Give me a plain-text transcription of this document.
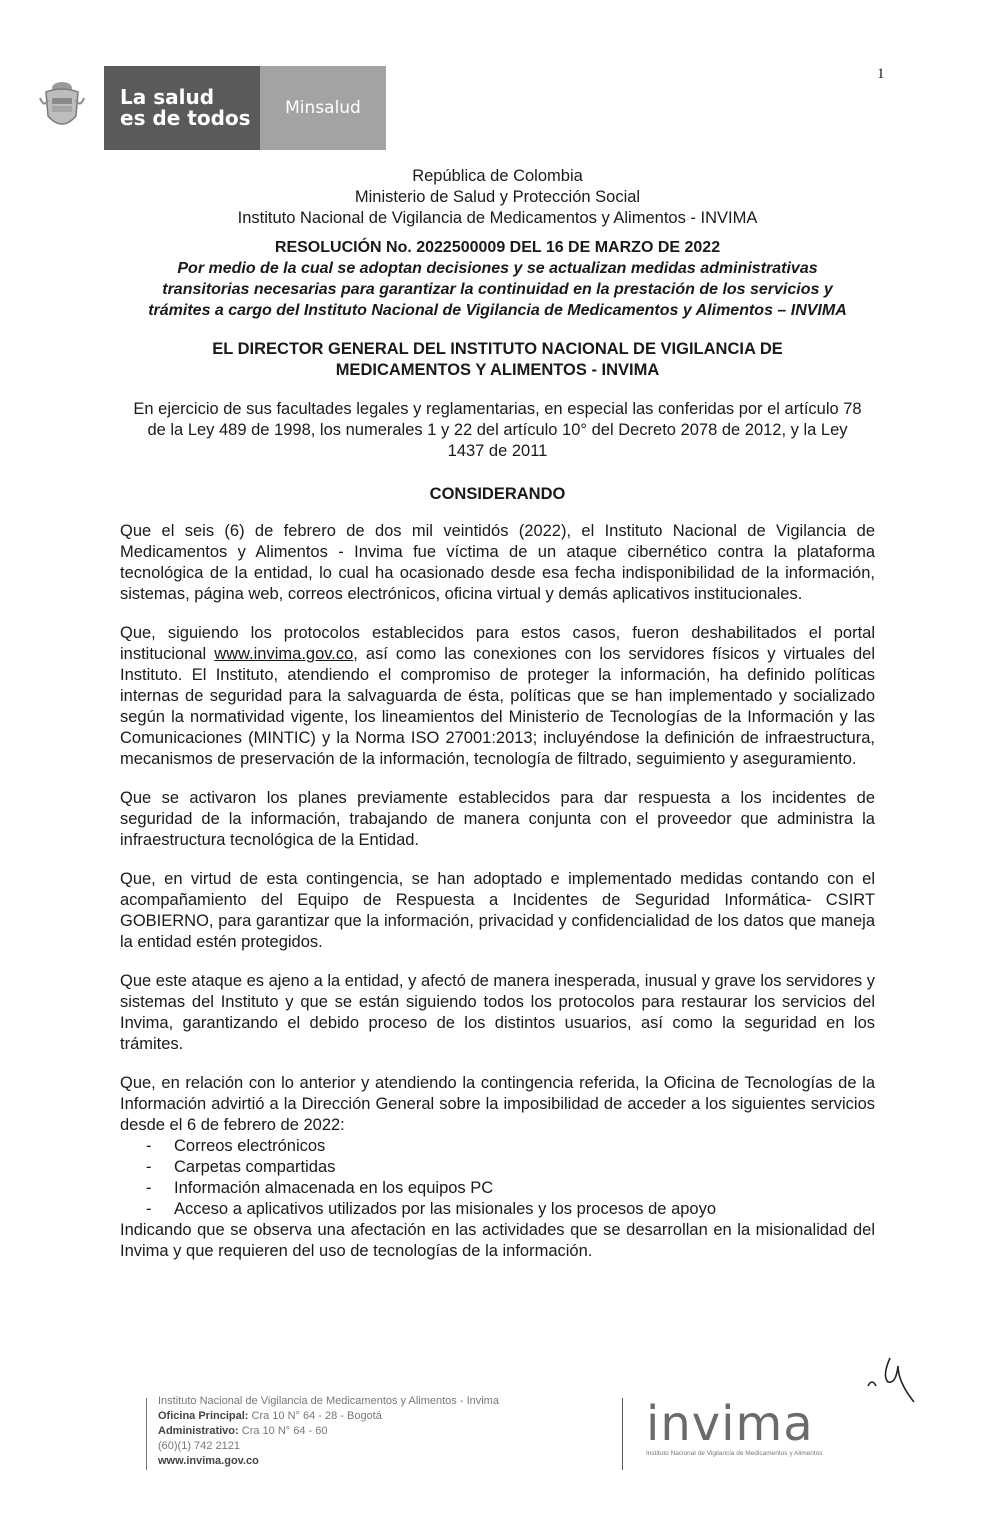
1
La salud
es de todos	Minsalud
República de Colombia
Ministerio de Salud y Protección Social
Instituto Nacional de Vigilancia de Medicamentos y Alimentos - INVIMA
RESOLUCIÓN No. 2022500009 DEL 16 DE MARZO DE 2022
Por medio de la cual se adoptan decisiones y se actualizan medidas administrativas transitorias necesarias para garantizar la continuidad en la prestación de los servicios y trámites a cargo del Instituto Nacional de Vigilancia de Medicamentos y Alimentos – INVIMA
EL DIRECTOR GENERAL DEL INSTITUTO NACIONAL DE VIGILANCIA DE MEDICAMENTOS Y ALIMENTOS - INVIMA
En ejercicio de sus facultades legales y reglamentarias, en especial las conferidas por el artículo 78 de la Ley 489 de 1998, los numerales 1 y 22 del artículo 10° del Decreto 2078 de 2012, y la Ley 1437 de 2011
CONSIDERANDO

Que el seis (6) de febrero de dos mil veintidós (2022), el Instituto Nacional de Vigilancia de Medicamentos y Alimentos - Invima fue víctima de un ataque cibernético contra la plataforma tecnológica de la entidad, lo cual ha ocasionado desde esa fecha indisponibilidad de la información, sistemas, página web, correos electrónicos, oficina virtual y demás aplicativos institucionales.

Que, siguiendo los protocolos establecidos para estos casos, fueron deshabilitados el portal institucional www.invima.gov.co, así como las conexiones con los servidores físicos y virtuales del Instituto. El Instituto, atendiendo el compromiso de proteger la información, ha definido políticas internas de seguridad para la salvaguarda de ésta, políticas que se han implementado y socializado según la normatividad vigente, los lineamientos del Ministerio de Tecnologías de la Información y las Comunicaciones (MINTIC) y la Norma ISO 27001:2013; incluyéndose la definición de infraestructura, mecanismos de preservación de la información, tecnología de filtrado, seguimiento y aseguramiento.

Que se activaron los planes previamente establecidos para dar respuesta a los incidentes de seguridad de la información, trabajando de manera conjunta con el proveedor que administra la infraestructura tecnológica de la Entidad.

Que, en virtud de esta contingencia, se han adoptado e implementado medidas contando con el acompañamiento del Equipo de Respuesta a Incidentes de Seguridad Informática- CSIRT GOBIERNO, para garantizar que la información, privacidad y confidencialidad de los datos que maneja la entidad estén protegidos.

Que este ataque es ajeno a la entidad, y afectó de manera inesperada, inusual y grave los servidores y sistemas del Instituto y que se están siguiendo todos los protocolos para restaurar los servicios del Invima, garantizando el debido proceso de los distintos usuarios, así como la seguridad en los trámites.

Que, en relación con lo anterior y atendiendo la contingencia referida, la Oficina de Tecnologías de la Información advirtió a la Dirección General sobre la imposibilidad de acceder a los siguientes servicios desde el 6 de febrero de 2022:

-	Correos electrónicos
-	Carpetas compartidas
-	Información almacenada en los equipos PC
-	Acceso a aplicativos utilizados por las misionales y los procesos de apoyo

Indicando que se observa una afectación en las actividades que se desarrollan en la misionalidad del Invima y que requieren del uso de tecnologías de la información.

Instituto Nacional de Vigilancia de Medicamentos y Alimentos - Invima
Oficina Principal: Cra 10 N° 64 - 28 - Bogotá
Administrativo: Cra 10 N° 64 - 60
(60)(1) 742 2121
www.invima.gov.co
invima
Instituto Nacional de Vigilancia de Medicamentos y Alimentos
